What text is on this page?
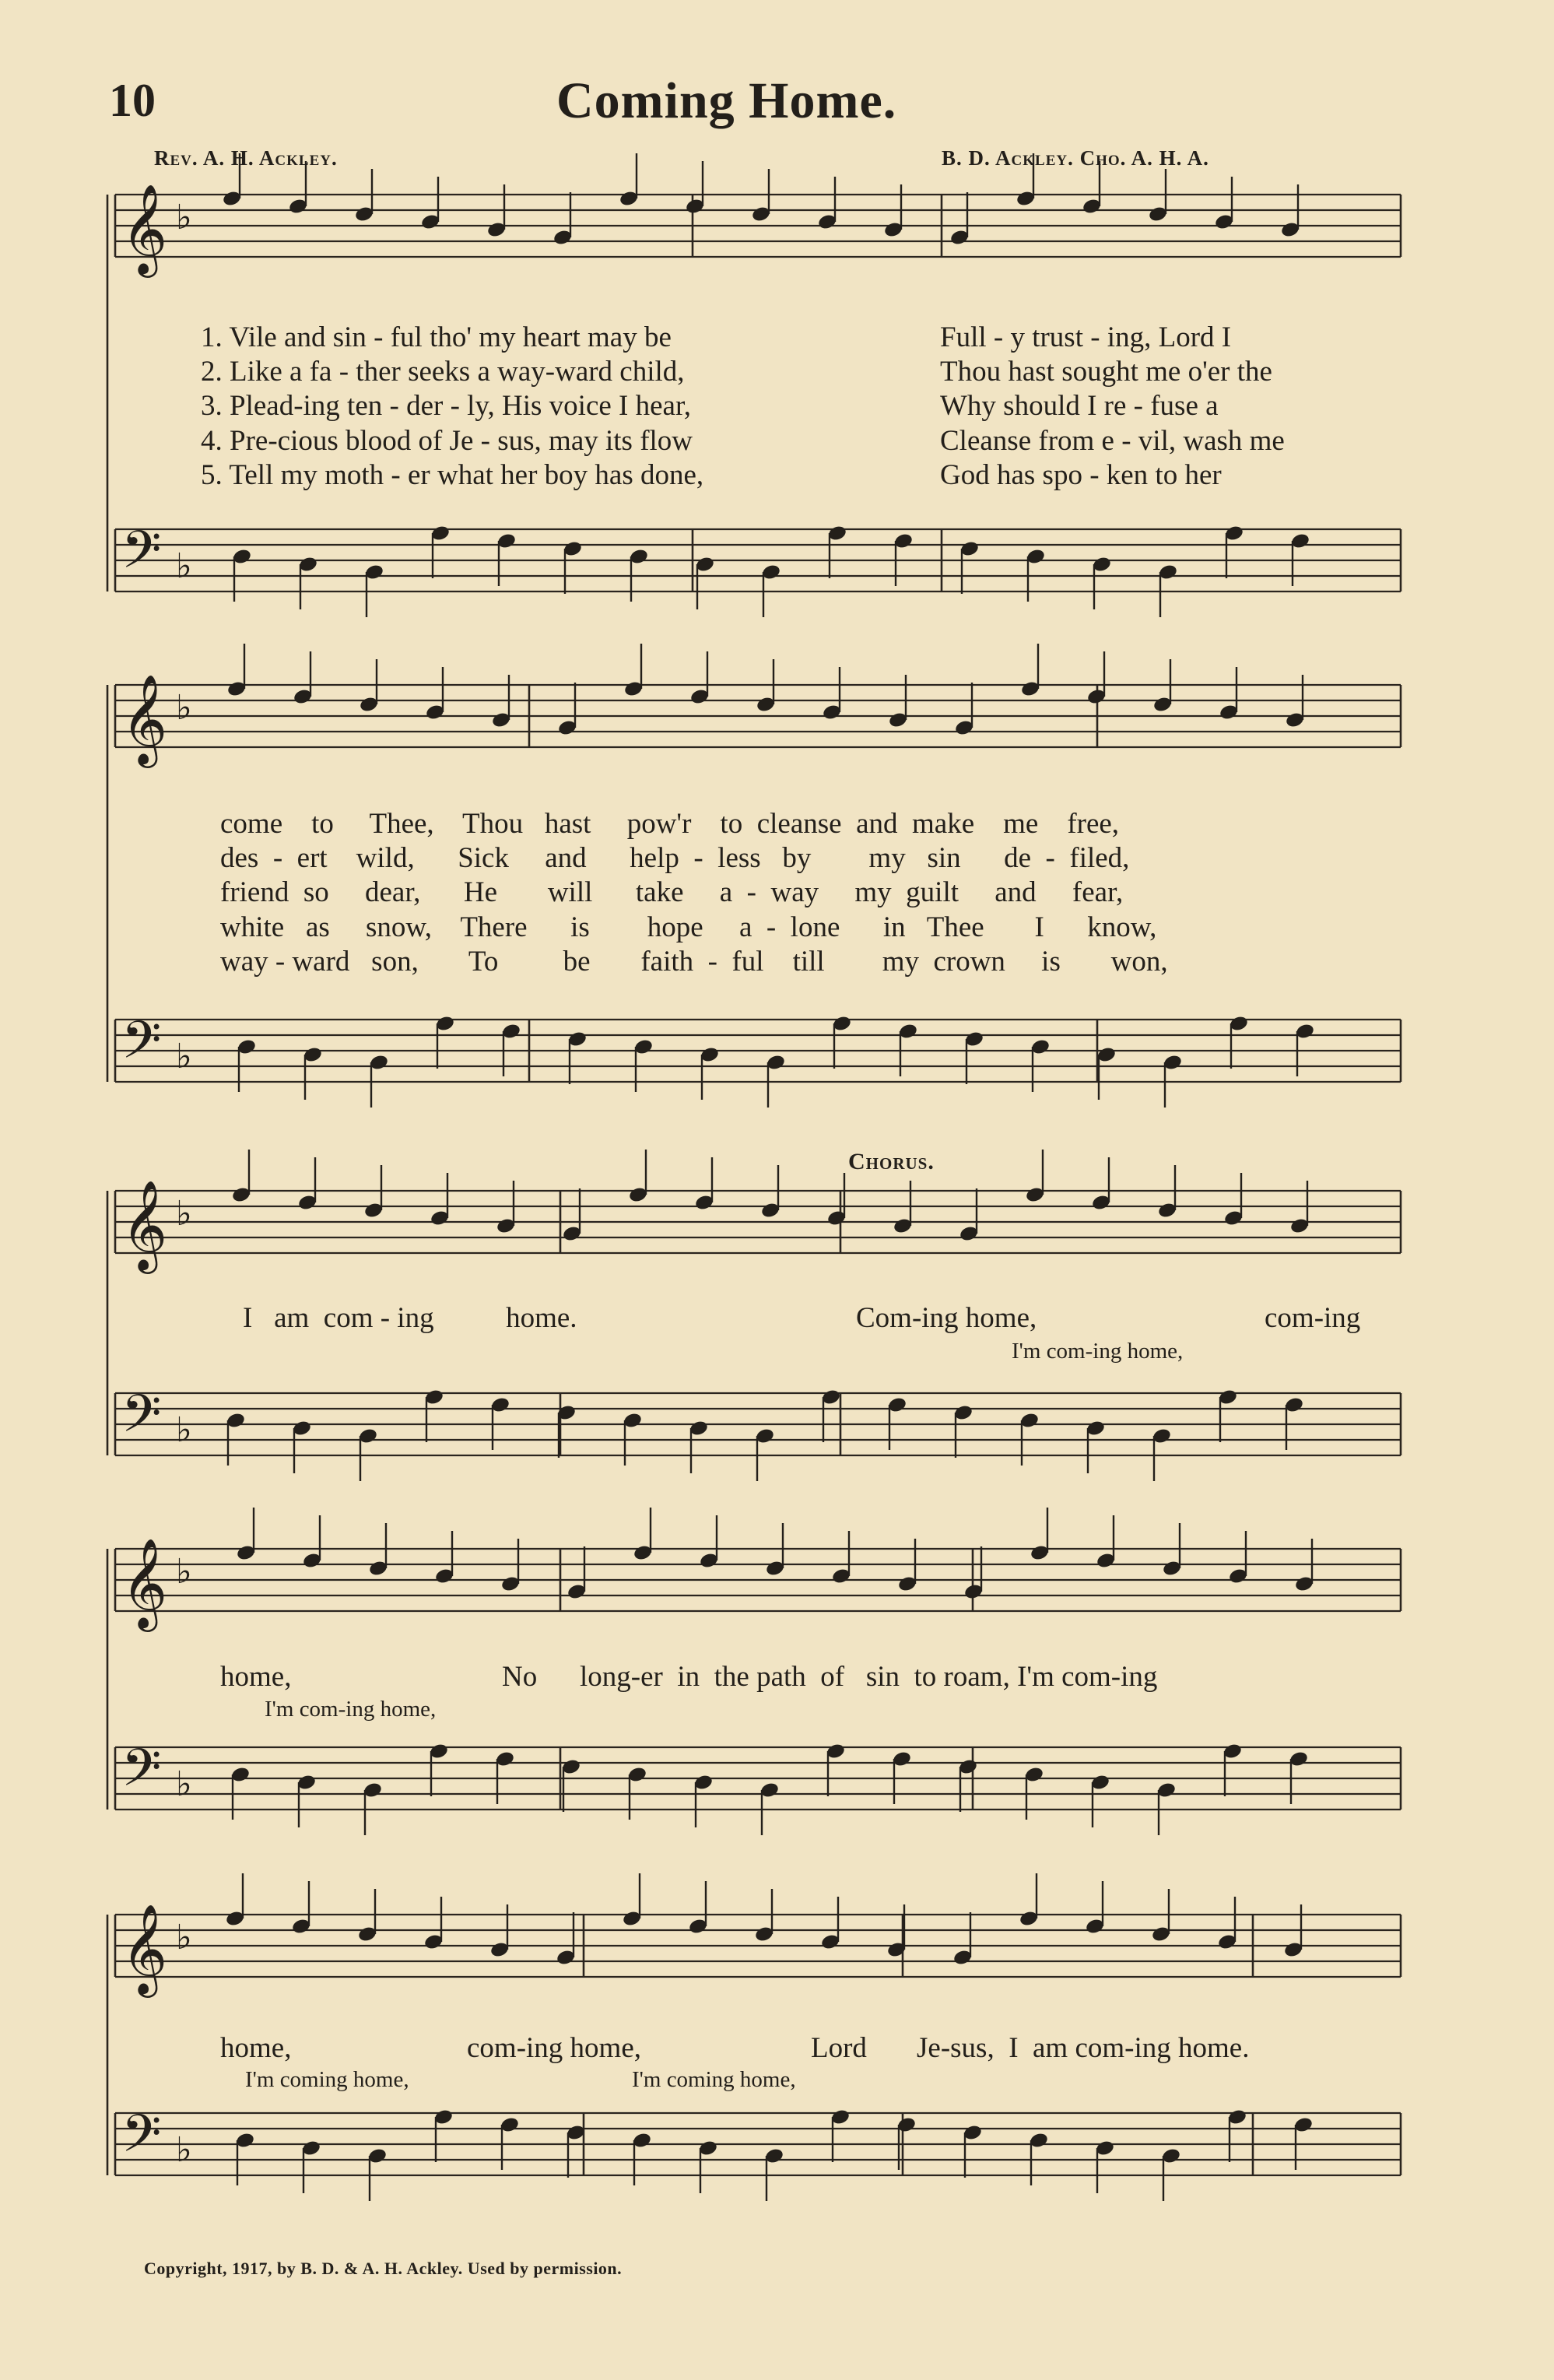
10	Coming Home.
Rev. A. H. Ackley.	B. D. Ackley. Cho. A. H. A.
𝄞 ♭
𝄢 ♭
𝄞 ♭
𝄢 ♭
𝄞 ♭
𝄢 ♭
𝄞 ♭
𝄢 ♭
𝄞 ♭
𝄢 ♭
1. Vile and sin - ful tho' my heart may be
2. Like a fa - ther seeks a way-ward child,
3. Plead-ing ten - der - ly, His voice I hear,
4. Pre-cious blood of Je - sus, may its flow
5. Tell my moth - er what her boy has done,
Full - y trust - ing, Lord I
Thou hast sought me o'er the
Why should I re - fuse a
Cleanse from e - vil, wash me
God has spo - ken to her
come    to     Thee,    Thou   hast     pow'r    to  cleanse  and  make    me    free,
des  -  ert    wild,      Sick     and      help  -  less   by        my   sin      de  -  filed,
friend  so     dear,      He       will      take     a  -  way     my  guilt     and     fear,
white   as     snow,    There      is        hope     a  -  lone      in   Thee       I      know,
way - ward   son,       To         be       faith  -  ful    till        my  crown     is       won,
Chorus.
I   am  com - ing          home.	Com-ing home,	com-ing
I'm com-ing home,
home,	No long-er  in  the path  of   sin  to roam, I'm com-ing
I'm com-ing home,
home,	com-ing home,	Lord Je-sus,  I  am com-ing home.
I'm coming home,	I'm coming home,
Copyright, 1917, by B. D. & A. H. Ackley. Used by permission.
